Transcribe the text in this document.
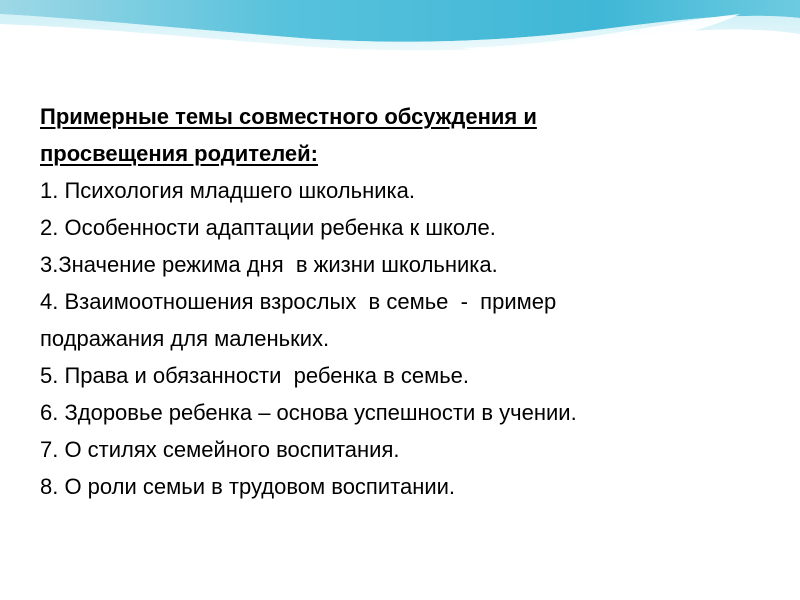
Примерные темы совместного обсуждения и
просвещения родителей:
1. Психология младшего школьника.
2. Особенности адаптации ребенка к школе.
3.Значение режима дня  в жизни школьника.
4. Взаимоотношения взрослых  в семье  -  пример
подражания для маленьких.
5. Права и обязанности  ребенка в семье.
6. Здоровье ребенка – основа успешности в учении.
7. О стилях семейного воспитания.
8. О роли семьи в трудовом воспитании.
